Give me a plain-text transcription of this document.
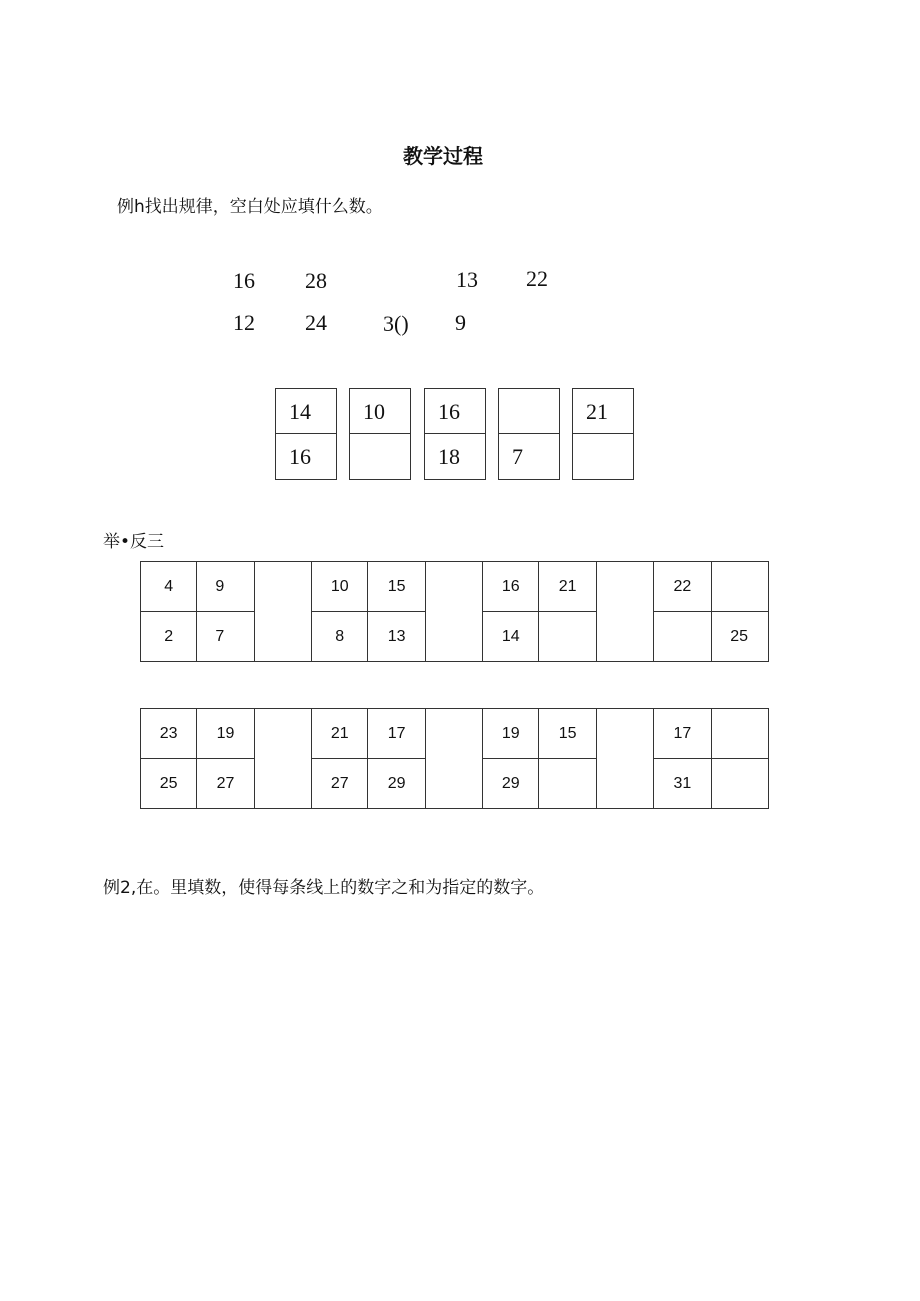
教学过程
例h找出规律，空白处应填什么数。
16 28	13 22
12 24	3() 9
14
16
10	16
18	7
21
举•反三
4	9		10	15		16	21		22	
2	7		8	13		14				25
23	19		21	17		19	15		17	
25	27		27	29		29			31	
例2,在。里填数，使得每条线上的数字之和为指定的数字。
